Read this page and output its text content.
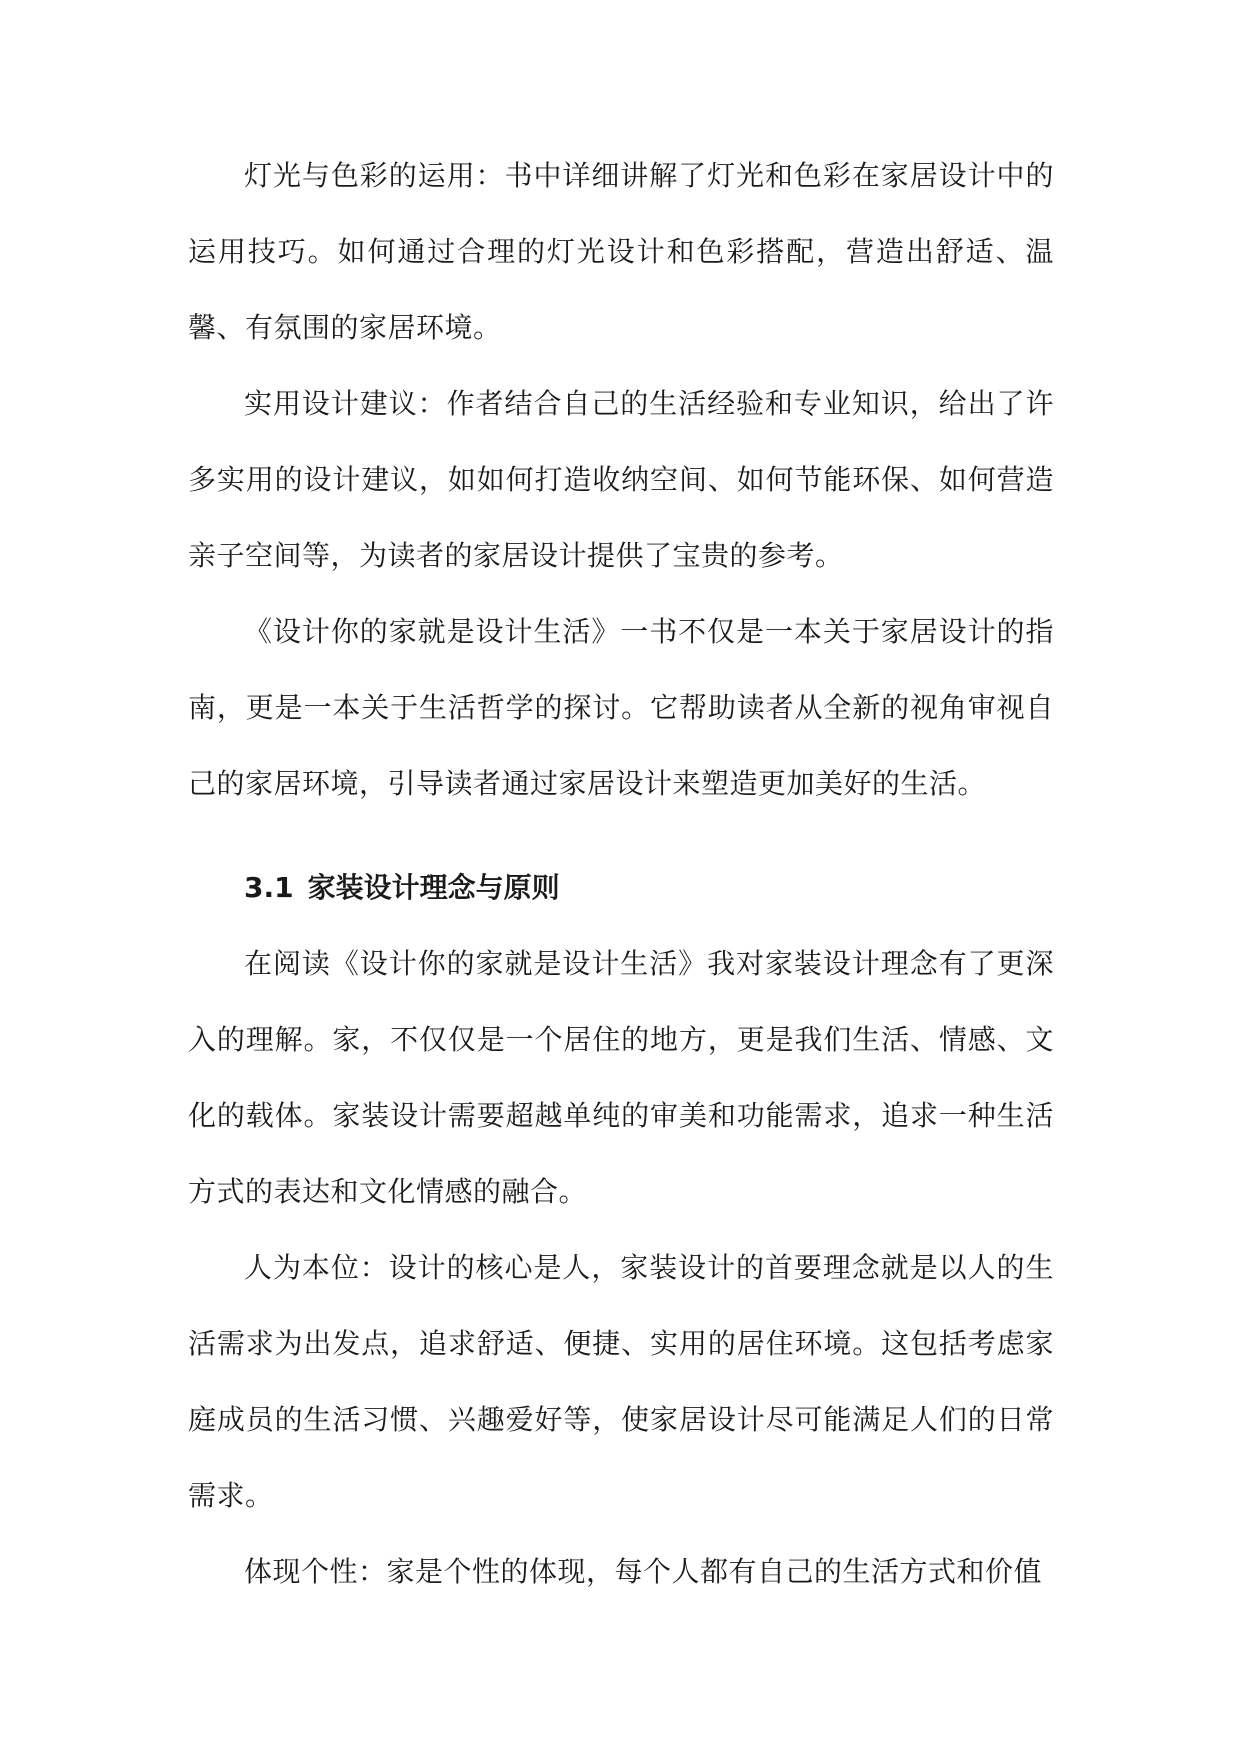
灯光与色彩的运用：书中详细讲解了灯光和色彩在家居设计中的运用技巧。如何通过合理的灯光设计和色彩搭配，营造出舒适、温馨、有氛围的家居环境。

实用设计建议：作者结合自己的生活经验和专业知识，给出了许多实用的设计建议，如如何打造收纳空间、如何节能环保、如何营造亲子空间等，为读者的家居设计提供了宝贵的参考。

《设计你的家就是设计生活》一书不仅是一本关于家居设计的指南，更是一本关于生活哲学的探讨。它帮助读者从全新的视角审视自己的家居环境，引导读者通过家居设计来塑造更加美好的生活。

3.1 家装设计理念与原则

在阅读《设计你的家就是设计生活》我对家装设计理念有了更深入的理解。家，不仅仅是一个居住的地方，更是我们生活、情感、文化的载体。家装设计需要超越单纯的审美和功能需求，追求一种生活方式的表达和文化情感的融合。

人为本位：设计的核心是人，家装设计的首要理念就是以人的生活需求为出发点，追求舒适、便捷、实用的居住环境。这包括考虑家庭成员的生活习惯、兴趣爱好等，使家居设计尽可能满足人们的日常需求。

体现个性：家是个性的体现，每个人都有自己的生活方式和价值
